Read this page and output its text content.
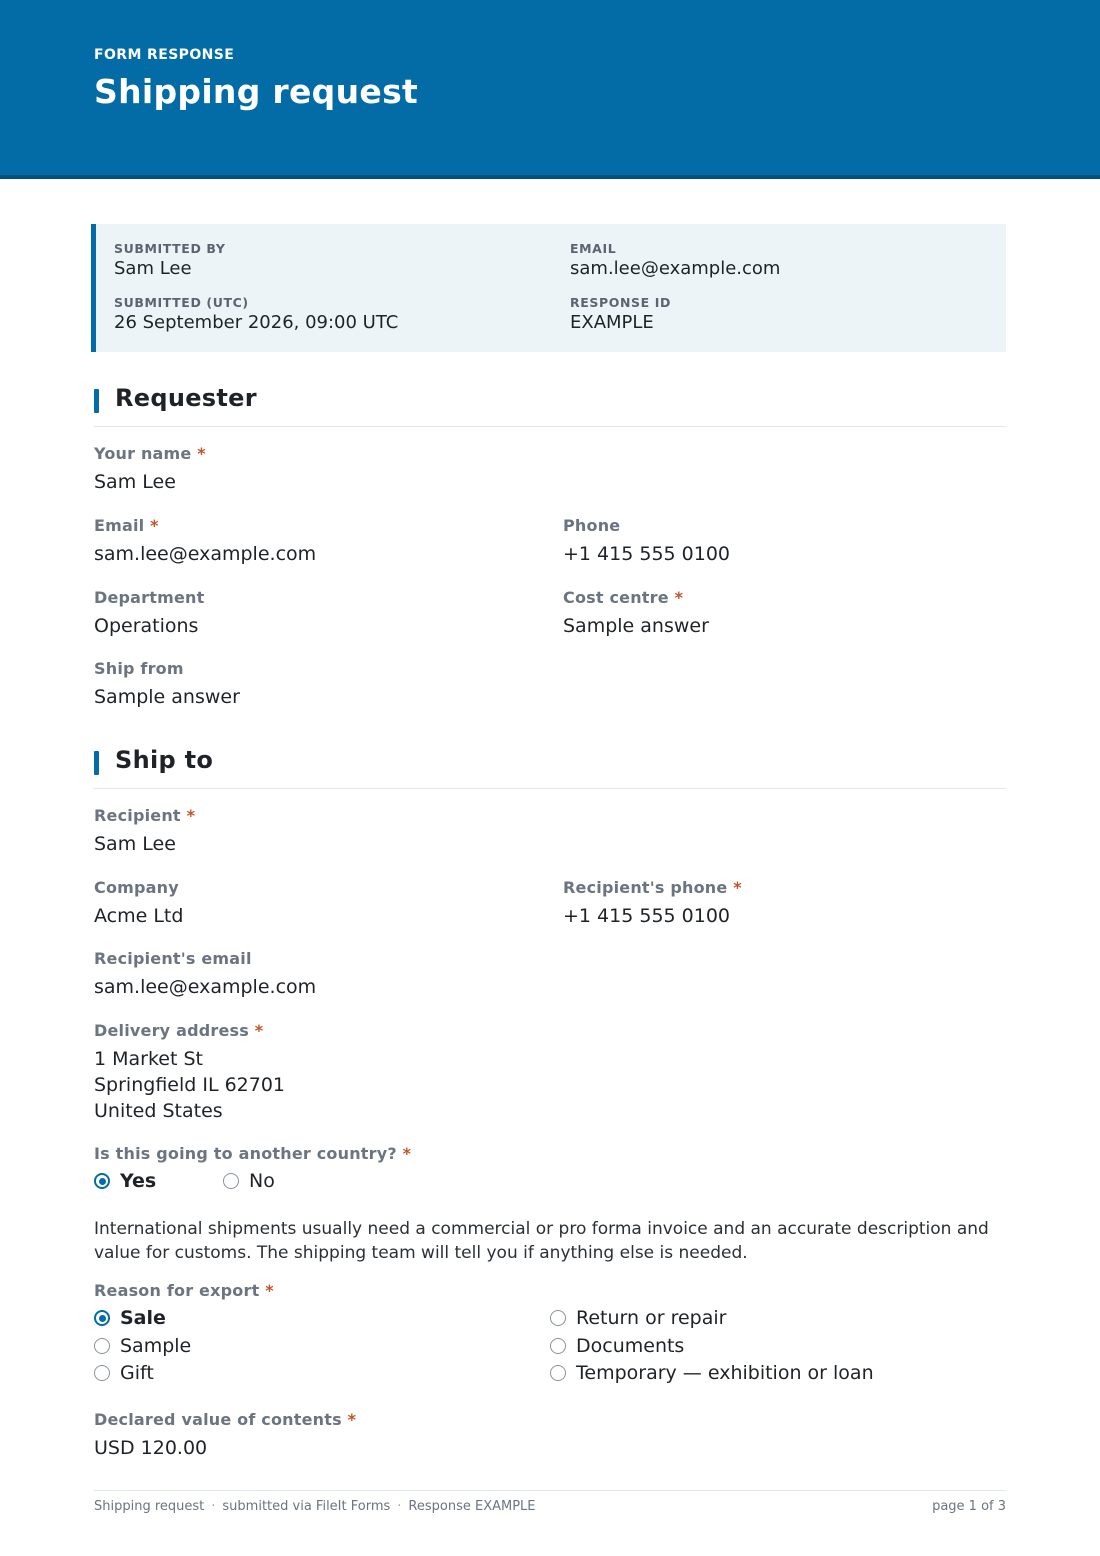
FORM RESPONSE
Shipping request
SUBMITTED BY
Sam Lee
EMAIL
sam.lee@example.com
SUBMITTED (UTC)
26 September 2026, 09:00 UTC
RESPONSE ID
EXAMPLE
Requester
Your name *
Sam Lee
Email *
sam.lee@example.com
Phone
+1 415 555 0100
Department
Operations
Cost centre *
Sample answer
Ship from
Sample answer
Ship to
Recipient *
Sam Lee
Company
Acme Ltd
Recipient's phone *
+1 415 555 0100
Recipient's email
sam.lee@example.com
Delivery address *
1 Market St
Springfield IL 62701
United States
Is this going to another country? *
Yes	No
International shipments usually need a commercial or pro forma invoice and an accurate description and value for customs. The shipping team will tell you if anything else is needed.
Reason for export *
Sale
Sample
Gift
Return or repair
Documents
Temporary — exhibition or loan
Declared value of contents *
USD 120.00
Shipping request · submitted via FileIt Forms · Response EXAMPLE	page 1 of 3
